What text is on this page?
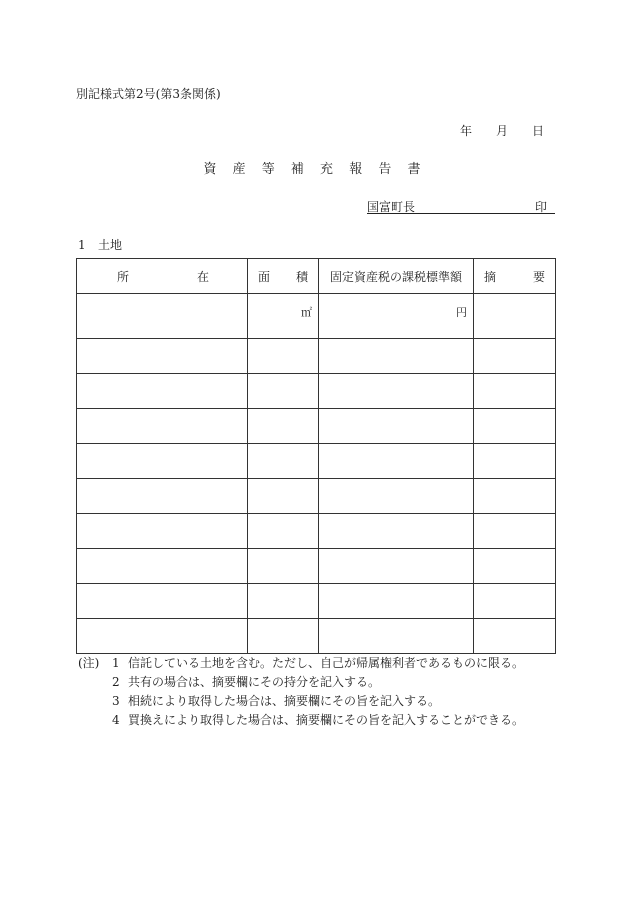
別記様式第2号(第3条関係)
年 月 日
資 産 等 補 充 報 告 書
国富町長	印
1 土地
所 在	面 積	固定資産税の課税標準額	摘 要

	㎡	円	

(注)	1 信託している土地を含む。ただし、自己が帰属権利者であるものに限る。
2 共有の場合は、摘要欄にその持分を記入する。
3 相続により取得した場合は、摘要欄にその旨を記入する。
4 買換えにより取得した場合は、摘要欄にその旨を記入することができる。
